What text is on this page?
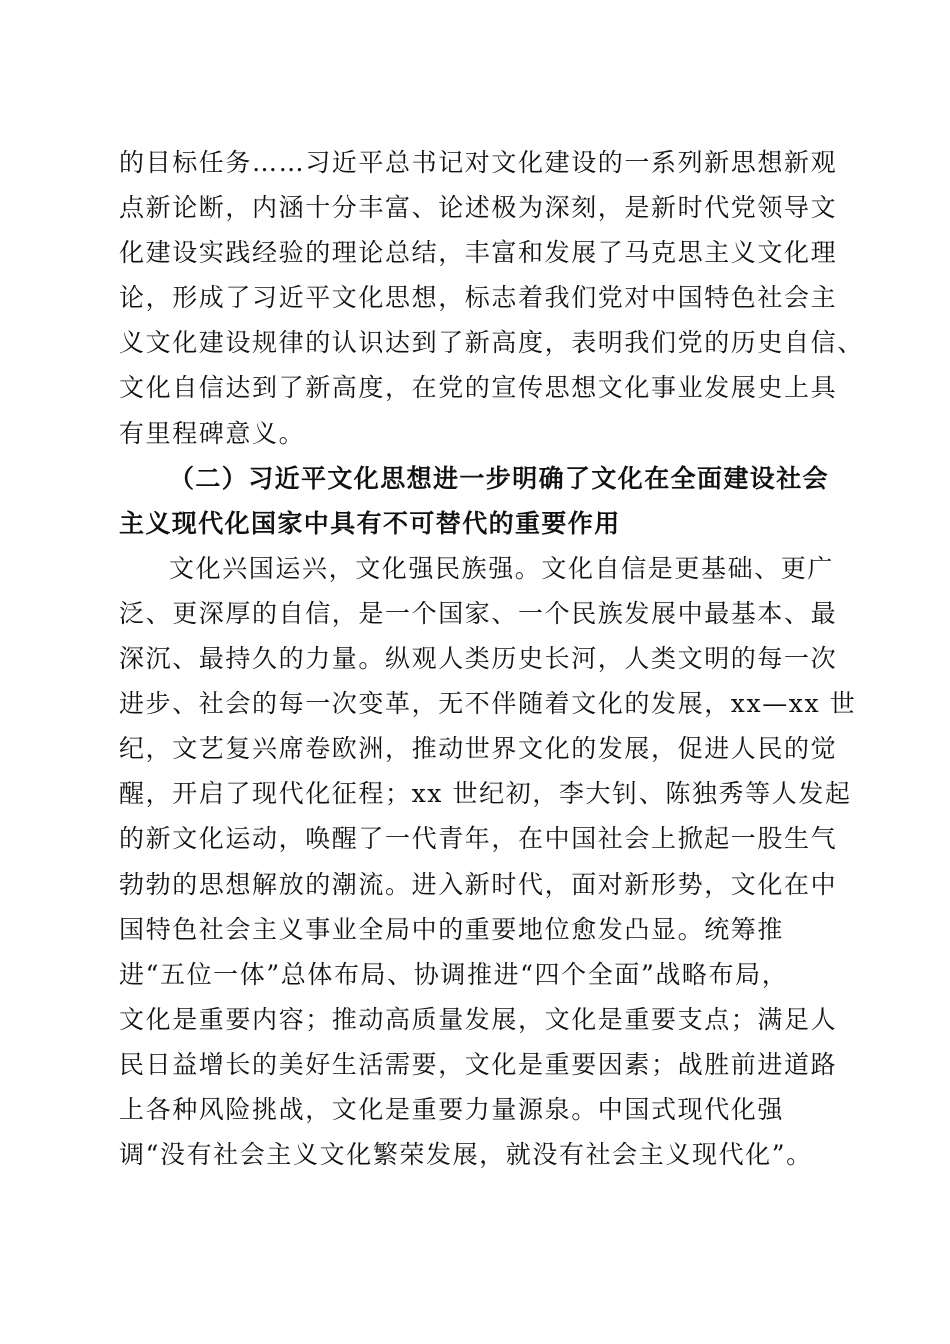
的目标任务……习近平总书记对文化建设的一系列新思想新观
点新论断，内涵十分丰富、论述极为深刻，是新时代党领导文
化建设实践经验的理论总结，丰富和发展了马克思主义文化理
论，形成了习近平文化思想，标志着我们党对中国特色社会主
义文化建设规律的认识达到了新高度，表明我们党的历史自信、
文化自信达到了新高度，在党的宣传思想文化事业发展史上具
有里程碑意义。
（二）习近平文化思想进一步明确了文化在全面建设社会
主义现代化国家中具有不可替代的重要作用
文化兴国运兴，文化强民族强。文化自信是更基础、更广
泛、更深厚的自信，是一个国家、一个民族发展中最基本、最
深沉、最持久的力量。纵观人类历史长河，人类文明的每一次
进步、社会的每一次变革，无不伴随着文化的发展，xx—xx 世
纪，文艺复兴席卷欧洲，推动世界文化的发展，促进人民的觉
醒，开启了现代化征程；xx 世纪初，李大钊、陈独秀等人发起
的新文化运动，唤醒了一代青年，在中国社会上掀起一股生气
勃勃的思想解放的潮流。进入新时代，面对新形势，文化在中
国特色社会主义事业全局中的重要地位愈发凸显。统筹推
进“五位一体”总体布局、协调推进“四个全面”战略布局，
文化是重要内容；推动高质量发展，文化是重要支点；满足人
民日益增长的美好生活需要，文化是重要因素；战胜前进道路
上各种风险挑战，文化是重要力量源泉。中国式现代化强
调“没有社会主义文化繁荣发展，就没有社会主义现代化”。
